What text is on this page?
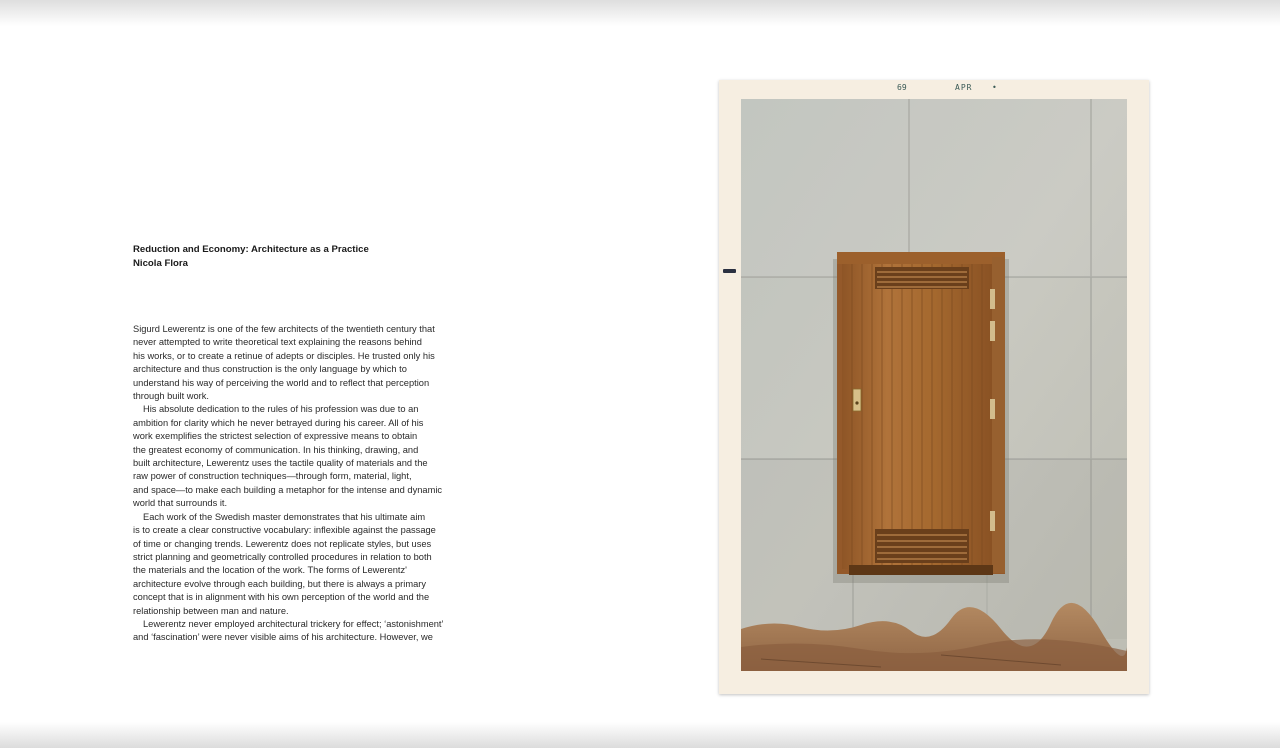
Reduction and Economy: Architecture as a Practice
Nicola Flora

Sigurd Lewerentz is one of the few architects of the twentieth century that
never attempted to write theoretical text explaining the reasons behind
his works, or to create a retinue of adepts or disciples. He trusted only his
architecture and thus construction is the only language by which to
understand his way of perceiving the world and to reflect that perception
through built work.

His absolute dedication to the rules of his profession was due to an
ambition for clarity which he never betrayed during his career. All of his
work exemplifies the strictest selection of expressive means to obtain
the greatest economy of communication. In his thinking, drawing, and
built architecture, Lewerentz uses the tactile quality of materials and the
raw power of construction techniques—through form, material, light,
and space—to make each building a metaphor for the intense and dynamic
world that surrounds it.

Each work of the Swedish master demonstrates that his ultimate aim
is to create a clear constructive vocabulary: inflexible against the passage
of time or changing trends. Lewerentz does not replicate styles, but uses
strict planning and geometrically controlled procedures in relation to both
the materials and the location of the work. The forms of Lewerentz'
architecture evolve through each building, but there is always a primary
concept that is in alignment with his own perception of the world and the
relationship between man and nature.

Lewerentz never employed architectural trickery for effect; ‘astonishment’
and ‘fascination’ were never visible aims of his architecture. However, we

69	APR •
